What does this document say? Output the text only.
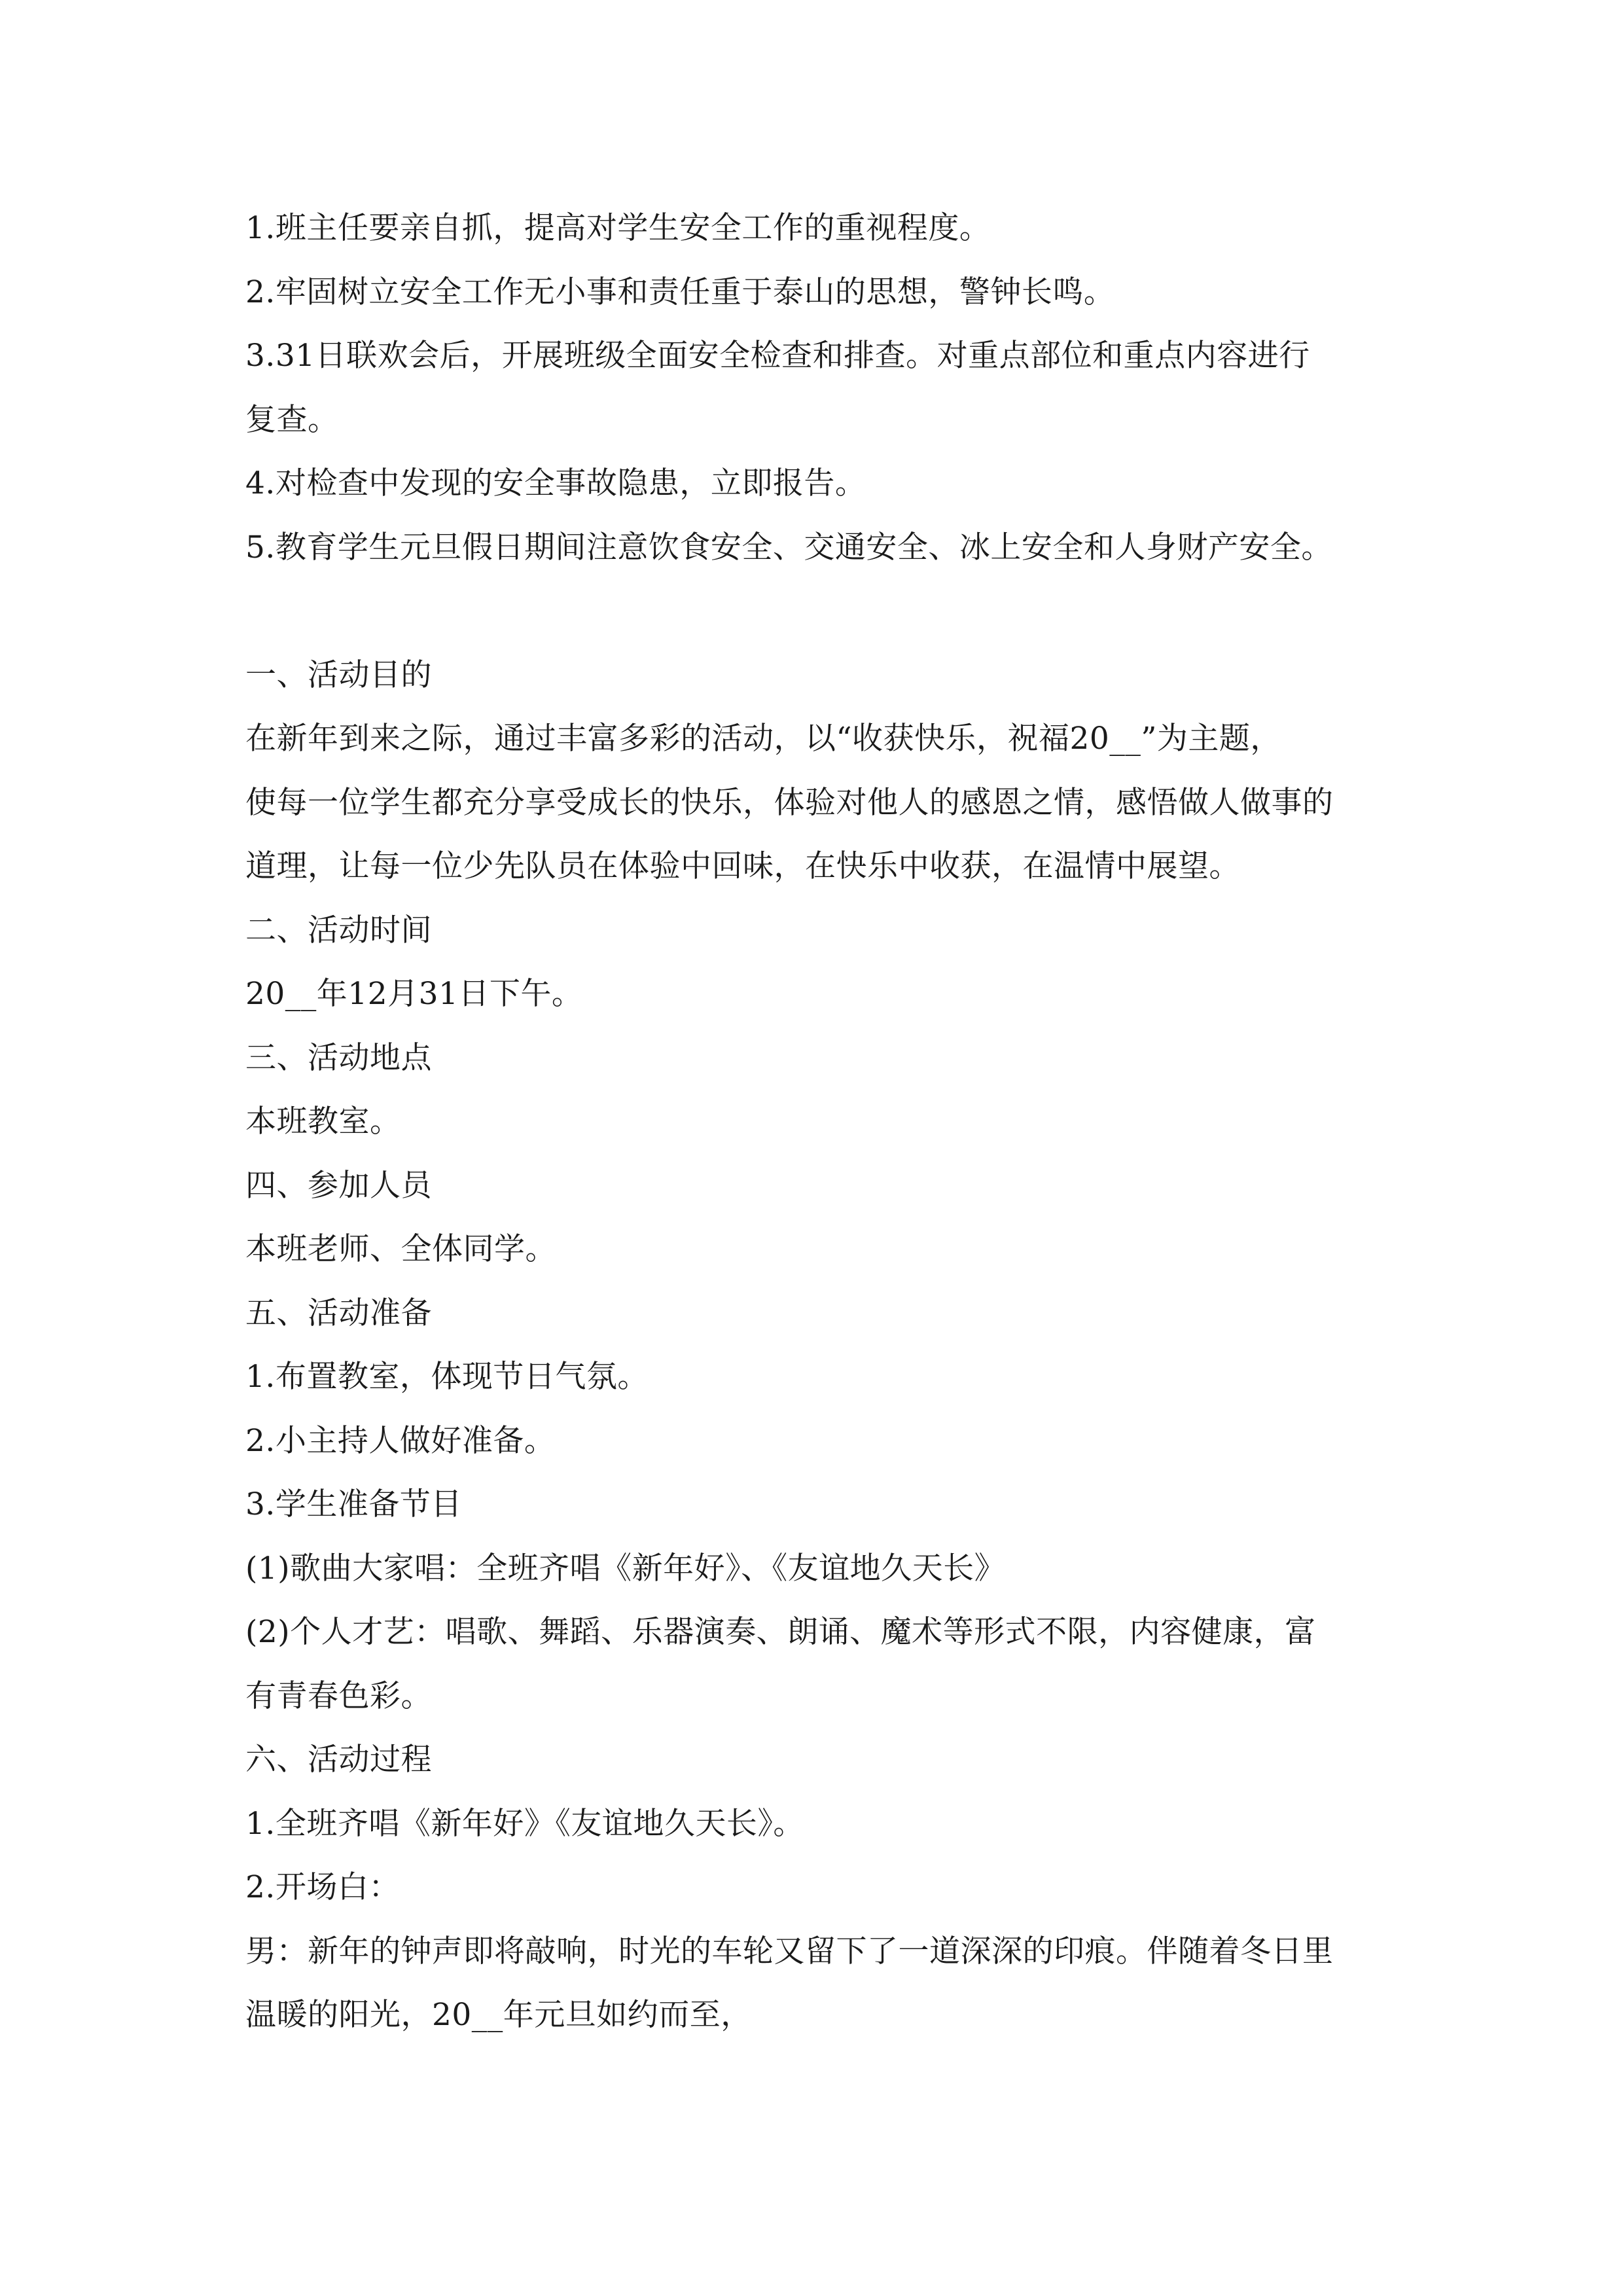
1.班主任要亲自抓，提高对学生安全工作的重视程度。
2.牢固树立安全工作无小事和责任重于泰山的思想，警钟长鸣。
3.31日联欢会后，开展班级全面安全检查和排查。对重点部位和重点内容进行
复查。
4.对检查中发现的安全事故隐患，立即报告。
5.教育学生元旦假日期间注意饮食安全、交通安全、冰上安全和人身财产安全。
一、活动目的
在新年到来之际，通过丰富多彩的活动，以“收获快乐，祝福20__”为主题，
使每一位学生都充分享受成长的快乐，体验对他人的感恩之情，感悟做人做事的
道理，让每一位少先队员在体验中回味，在快乐中收获，在温情中展望。
二、活动时间
20__年12月31日下午。
三、活动地点
本班教室。
四、参加人员
本班老师、全体同学。
五、活动准备
1.布置教室，体现节日气氛。
2.小主持人做好准备。
3.学生准备节目
(1)歌曲大家唱：全班齐唱《新年好》、《友谊地久天长》
(2)个人才艺：唱歌、舞蹈、乐器演奏、朗诵、魔术等形式不限，内容健康，富
有青春色彩。
六、活动过程
1.全班齐唱《新年好》《友谊地久天长》。
2.开场白：
男：新年的钟声即将敲响，时光的车轮又留下了一道深深的印痕。伴随着冬日里
温暖的阳光，20__年元旦如约而至，
